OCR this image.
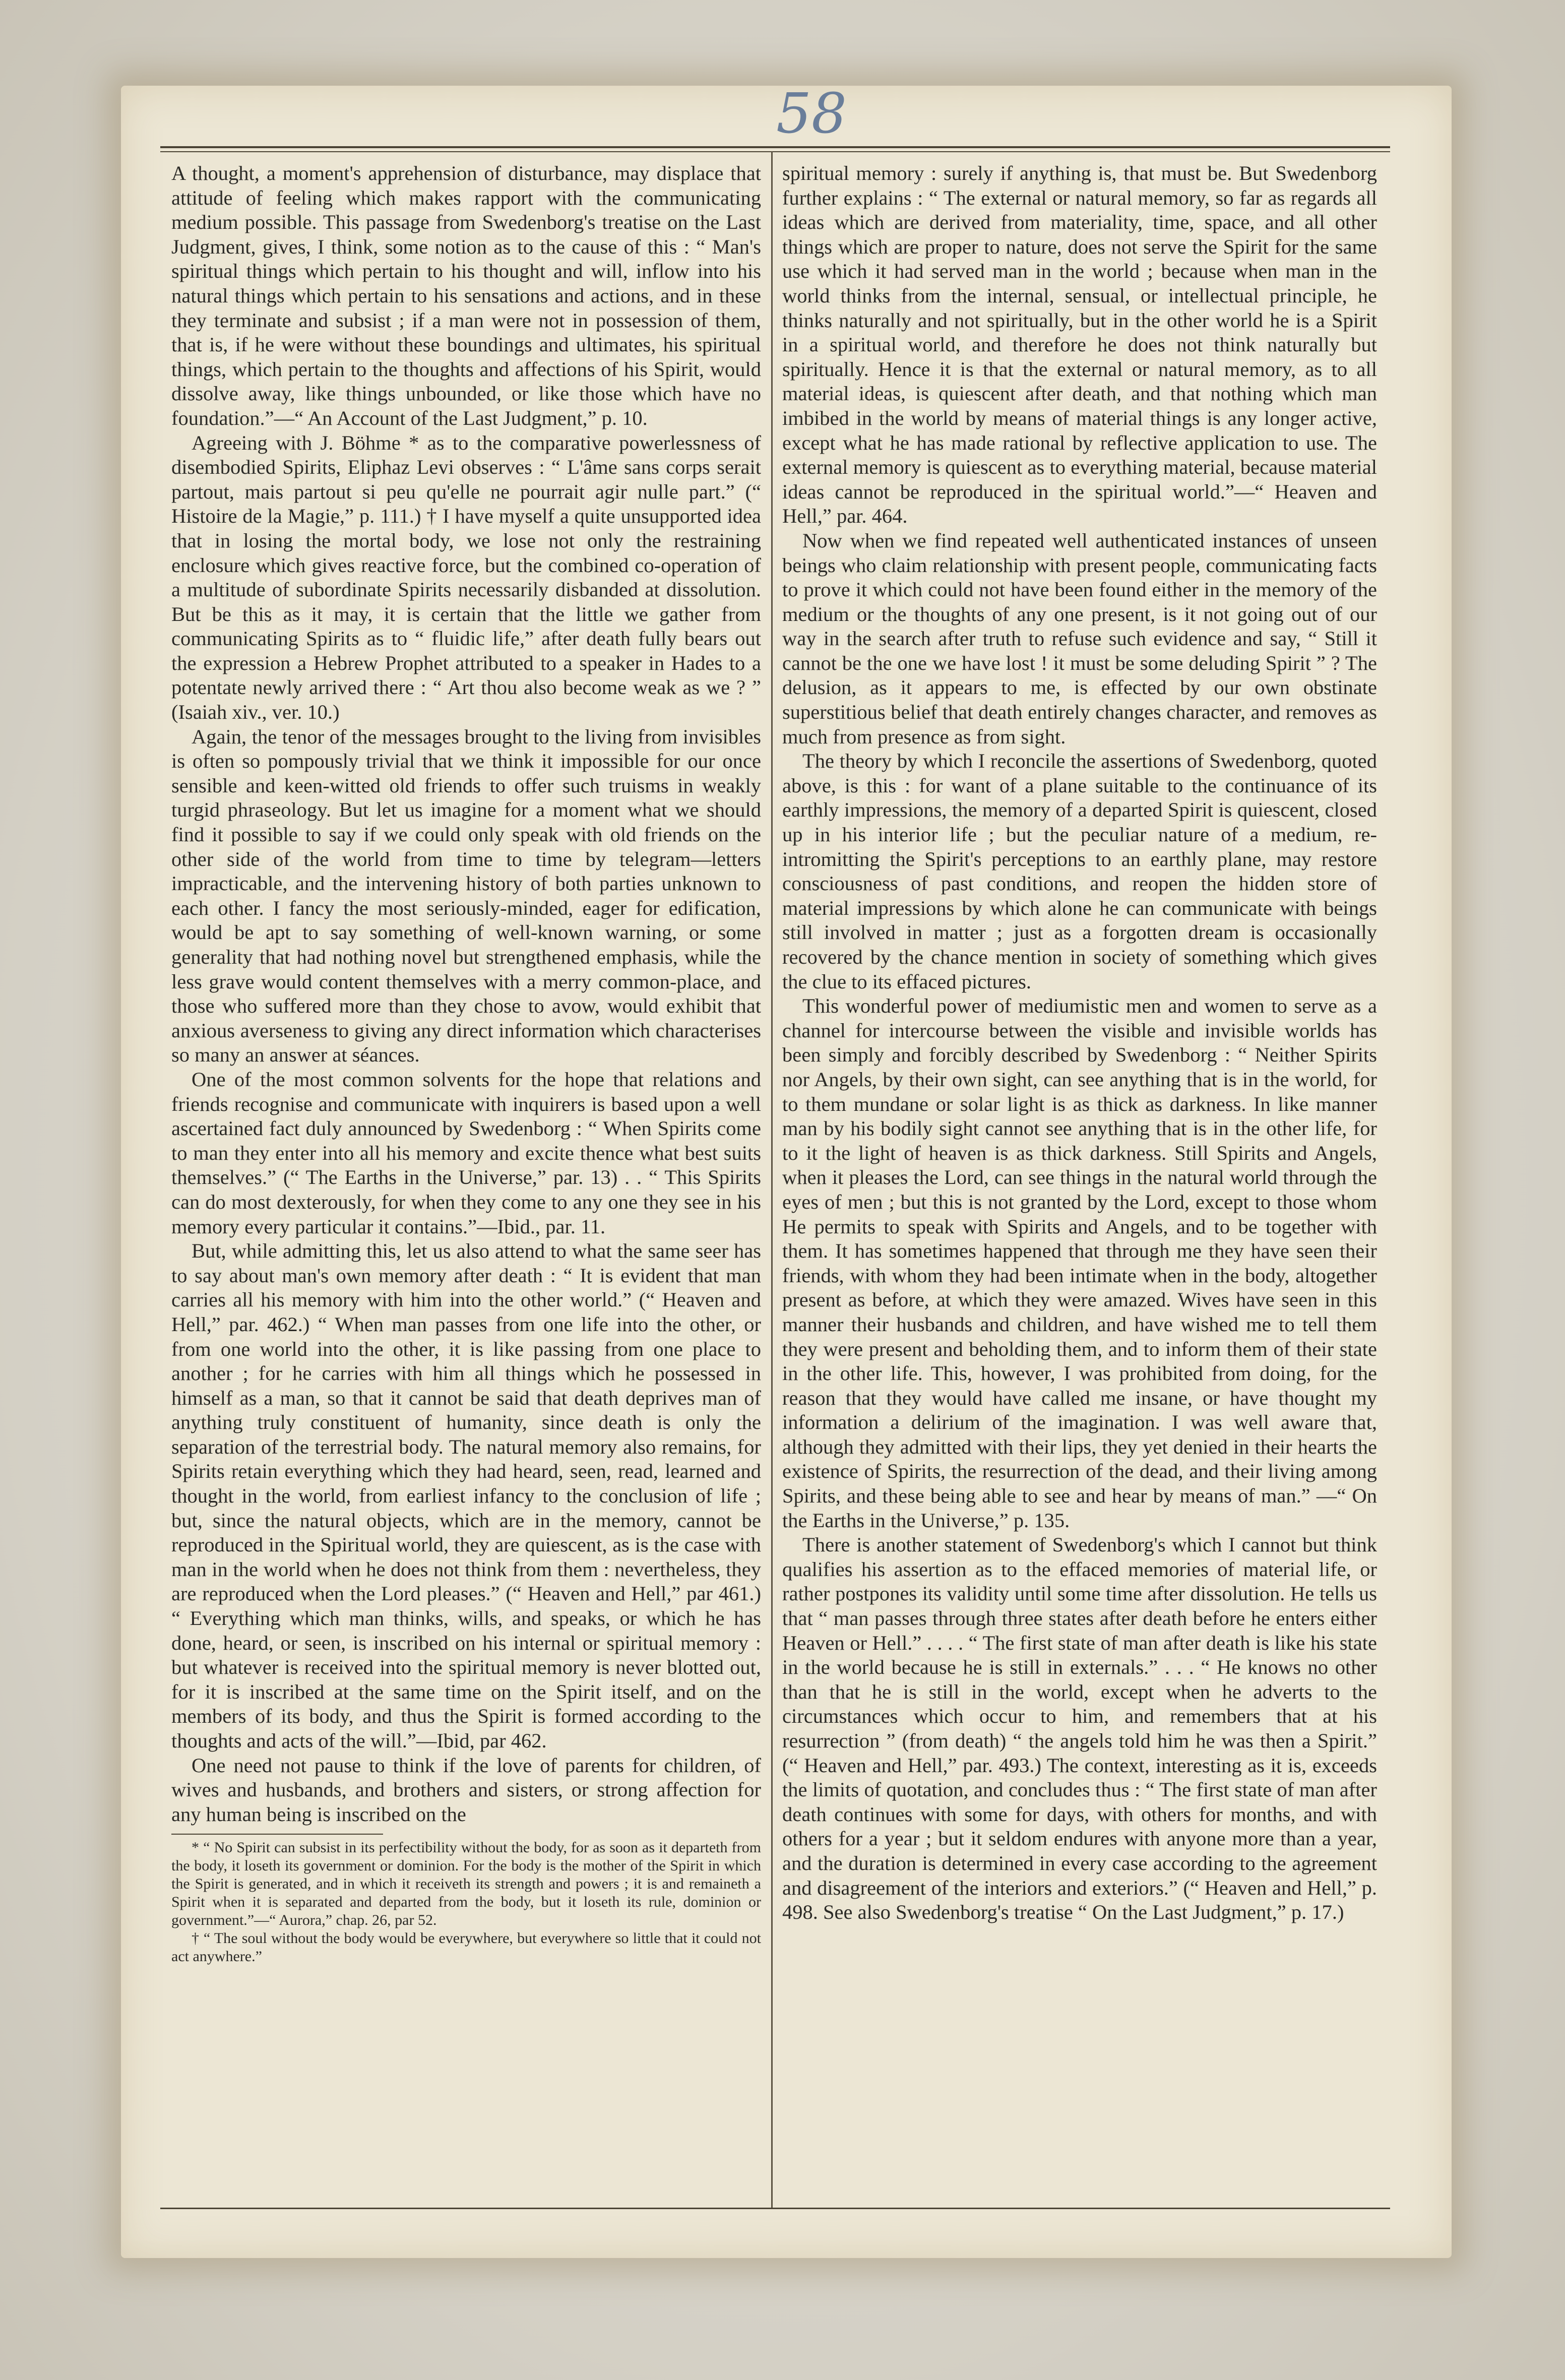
58

A thought, a moment's apprehension of disturbance, may displace that attitude of feeling which makes rapport with the communicating medium possible. This passage from Swedenborg's treatise on the Last Judgment, gives, I think, some notion as to the cause of this : “ Man's spiritual things which pertain to his thought and will, inflow into his natural things which pertain to his sensations and actions, and in these they terminate and subsist ; if a man were not in possession of them, that is, if he were without these boundings and ultimates, his spiritual things, which pertain to the thoughts and affections of his Spirit, would dissolve away, like things unbounded, or like those which have no foundation.”—“ An Account of the Last Judgment,” p. 10.

Agreeing with J. Böhme * as to the comparative powerlessness of disembodied Spirits, Eliphaz Levi observes : “ L'âme sans corps serait partout, mais partout si peu qu'elle ne pourrait agir nulle part.” (“ Histoire de la Magie,” p. 111.) † I have myself a quite unsupported idea that in losing the mortal body, we lose not only the restraining enclosure which gives reactive force, but the combined co-operation of a multitude of subordinate Spirits necessarily disbanded at dissolution. But be this as it may, it is certain that the little we gather from communicating Spirits as to “ fluidic life,” after death fully bears out the expression a Hebrew Prophet attributed to a speaker in Hades to a potentate newly arrived there : “ Art thou also become weak as we ? ” (Isaiah xiv., ver. 10.)

Again, the tenor of the messages brought to the living from invisibles is often so pompously trivial that we think it impossible for our once sensible and keen-witted old friends to offer such truisms in weakly turgid phraseology. But let us imagine for a moment what we should find it possible to say if we could only speak with old friends on the other side of the world from time to time by telegram—letters impracticable, and the intervening history of both parties unknown to each other. I fancy the most seriously-minded, eager for edification, would be apt to say something of well-known warning, or some generality that had nothing novel but strengthened emphasis, while the less grave would content themselves with a merry common-place, and those who suffered more than they chose to avow, would exhibit that anxious averseness to giving any direct information which characterises so many an answer at séances.

One of the most common solvents for the hope that relations and friends recognise and communicate with inquirers is based upon a well ascertained fact duly announced by Swedenborg : “ When Spirits come to man they enter into all his memory and excite thence what best suits themselves.” (“ The Earths in the Universe,” par. 13) . . “ This Spirits can do most dexterously, for when they come to any one they see in his memory every particular it contains.”—Ibid., par. 11.

But, while admitting this, let us also attend to what the same seer has to say about man's own memory after death : “ It is evident that man carries all his memory with him into the other world.” (“ Heaven and Hell,” par. 462.) “ When man passes from one life into the other, or from one world into the other, it is like passing from one place to another ; for he carries with him all things which he possessed in himself as a man, so that it cannot be said that death deprives man of anything truly constituent of humanity, since death is only the separation of the terrestrial body. The natural memory also remains, for Spirits retain everything which they had heard, seen, read, learned and thought in the world, from earliest infancy to the conclusion of life ; but, since the natural objects, which are in the memory, cannot be reproduced in the Spiritual world, they are quiescent, as is the case with man in the world when he does not think from them : nevertheless, they are reproduced when the Lord pleases.” (“ Heaven and Hell,” par 461.) “ Everything which man thinks, wills, and speaks, or which he has done, heard, or seen, is inscribed on his internal or spiritual memory : but whatever is received into the spiritual memory is never blotted out, for it is inscribed at the same time on the Spirit itself, and on the members of its body, and thus the Spirit is formed according to the thoughts and acts of the will.”—Ibid, par 462.

One need not pause to think if the love of parents for children, of wives and husbands, and brothers and sisters, or strong affection for any human being is inscribed on the

* “ No Spirit can subsist in its perfectibility without the body, for as soon as it departeth from the body, it loseth its government or dominion. For the body is the mother of the Spirit in which the Spirit is generated, and in which it receiveth its strength and powers ; it is and remaineth a Spirit when it is separated and departed from the body, but it loseth its rule, dominion or government.”—“ Aurora,” chap. 26, par 52.

† “ The soul without the body would be everywhere, but everywhere so little that it could not act anywhere.”

spiritual memory : surely if anything is, that must be. But Swedenborg further explains : “ The external or natural memory, so far as regards all ideas which are derived from materiality, time, space, and all other things which are proper to nature, does not serve the Spirit for the same use which it had served man in the world ; because when man in the world thinks from the internal, sensual, or intellectual principle, he thinks naturally and not spiritually, but in the other world he is a Spirit in a spiritual world, and therefore he does not think naturally but spiritually. Hence it is that the external or natural memory, as to all material ideas, is quiescent after death, and that nothing which man imbibed in the world by means of material things is any longer active, except what he has made rational by reflective application to use. The external memory is quiescent as to everything material, because material ideas cannot be reproduced in the spiritual world.”—“ Heaven and Hell,” par. 464.

Now when we find repeated well authenticated instances of unseen beings who claim relationship with present people, communicating facts to prove it which could not have been found either in the memory of the medium or the thoughts of any one present, is it not going out of our way in the search after truth to refuse such evidence and say, “ Still it cannot be the one we have lost ! it must be some deluding Spirit ” ? The delusion, as it appears to me, is effected by our own obstinate superstitious belief that death entirely changes character, and removes as much from presence as from sight.

The theory by which I reconcile the assertions of Swedenborg, quoted above, is this : for want of a plane suitable to the continuance of its earthly impressions, the memory of a departed Spirit is quiescent, closed up in his interior life ; but the peculiar nature of a medium, re-intromitting the Spirit's perceptions to an earthly plane, may restore consciousness of past conditions, and reopen the hidden store of material impressions by which alone he can communicate with beings still involved in matter ; just as a forgotten dream is occasionally recovered by the chance mention in society of something which gives the clue to its effaced pictures.

This wonderful power of mediumistic men and women to serve as a channel for intercourse between the visible and invisible worlds has been simply and forcibly described by Swedenborg : “ Neither Spirits nor Angels, by their own sight, can see anything that is in the world, for to them mundane or solar light is as thick as darkness. In like manner man by his bodily sight cannot see anything that is in the other life, for to it the light of heaven is as thick darkness. Still Spirits and Angels, when it pleases the Lord, can see things in the natural world through the eyes of men ; but this is not granted by the Lord, except to those whom He permits to speak with Spirits and Angels, and to be together with them. It has sometimes happened that through me they have seen their friends, with whom they had been intimate when in the body, altogether present as before, at which they were amazed. Wives have seen in this manner their husbands and children, and have wished me to tell them they were present and beholding them, and to inform them of their state in the other life. This, however, I was prohibited from doing, for the reason that they would have called me insane, or have thought my information a delirium of the imagination. I was well aware that, although they admitted with their lips, they yet denied in their hearts the existence of Spirits, the resurrection of the dead, and their living among Spirits, and these being able to see and hear by means of man.” —“ On the Earths in the Universe,” p. 135.

There is another statement of Swedenborg's which I cannot but think qualifies his assertion as to the effaced memories of material life, or rather postpones its validity until some time after dissolution. He tells us that “ man passes through three states after death before he enters either Heaven or Hell.” . . . . “ The first state of man after death is like his state in the world because he is still in externals.” . . . “ He knows no other than that he is still in the world, except when he adverts to the circumstances which occur to him, and remembers that at his resurrection ” (from death) “ the angels told him he was then a Spirit.” (“ Heaven and Hell,” par. 493.) The context, interesting as it is, exceeds the limits of quotation, and concludes thus : “ The first state of man after death continues with some for days, with others for months, and with others for a year ; but it seldom endures with anyone more than a year, and the duration is determined in every case according to the agreement and disagreement of the interiors and exteriors.” (“ Heaven and Hell,” p. 498. See also Swedenborg's treatise “ On the Last Judgment,” p. 17.)
